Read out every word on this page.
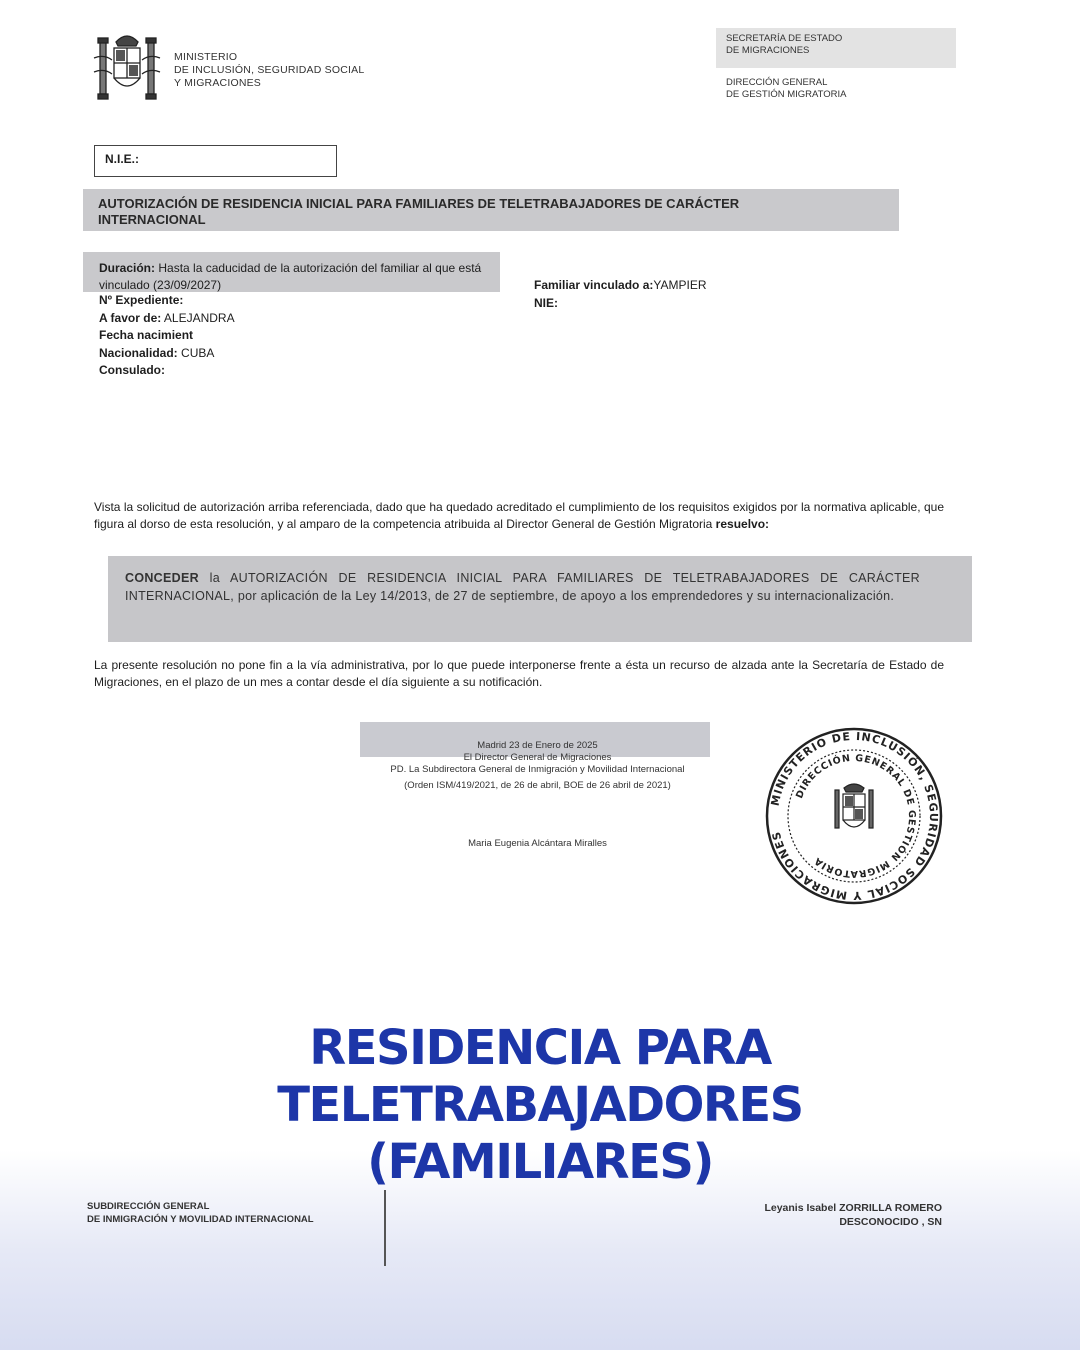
MINISTERIO
DE INCLUSIÓN, SEGURIDAD SOCIAL
Y MIGRACIONES
SECRETARÍA DE ESTADO
DE MIGRACIONES
DIRECCIÓN GENERAL
DE GESTIÓN MIGRATORIA
N.I.E.:
AUTORIZACIÓN DE RESIDENCIA INICIAL PARA FAMILIARES DE TELETRABAJADORES DE CARÁCTER
INTERNACIONAL
Duración: Hasta la caducidad de la autorización del familiar al que está vinculado (23/09/2027)
Nº Expediente:
A favor de: ALEJANDRA
Fecha nacimient
Nacionalidad: CUBA
Consulado:
Familiar vinculado a:YAMPIER
NIE:
Vista la solicitud de autorización arriba referenciada, dado que ha quedado acreditado el cumplimiento de los requisitos exigidos por la normativa aplicable, que figura al dorso de esta resolución, y al amparo de la competencia atribuida al Director General de Gestión Migratoria resuelvo:
CONCEDER la AUTORIZACIÓN DE RESIDENCIA INICIAL PARA FAMILIARES DE TELETRABAJADORES DE CARÁCTER INTERNACIONAL, por aplicación de la Ley 14/2013, de 27 de septiembre, de apoyo a los emprendedores y su internacionalización.
La presente resolución no pone fin a la vía administrativa, por lo que puede interponerse frente a ésta un recurso de alzada ante la Secretaría de Estado de Migraciones, en el plazo de un mes a contar desde el día siguiente a su notificación.
Madrid 23 de Enero de 2025
El Director General de Migraciones
PD. La Subdirectora General de Inmigración y Movilidad Internacional
(Orden ISM/419/2021, de 26 de abril, BOE de 26 abril de 2021)
Maria Eugenia Alcántara Miralles
MINISTERIO DE INCLUSIÓN, SEGURIDAD SOCIAL Y MIGRACIONES
DIRECCIÓN GENERAL DE GESTIÓN MIGRATORIA
RESIDENCIA PARA
TELETRABAJADORES
(FAMILIARES)
SUBDIRECCIÓN GENERAL
DE INMIGRACIÓN Y MOVILIDAD INTERNACIONAL
Leyanis Isabel ZORRILLA ROMERO
DESCONOCIDO , SN
